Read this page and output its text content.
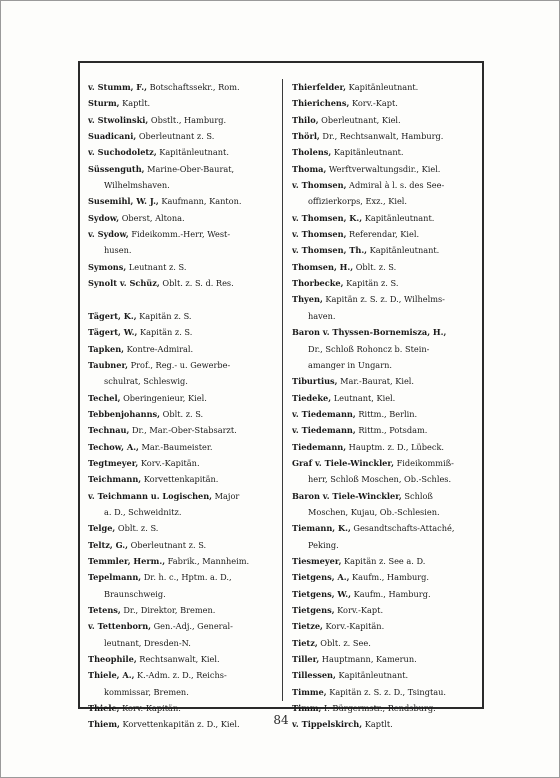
v. Stumm, F., Botschaftssekr., Rom.
Sturm, Kaptlt.
v. Stwolinski, Obstlt., Hamburg.
Suadicani, Oberleutnant z. S.
v. Suchodoletz, Kapitänleutnant.
Süssenguth, Marine-Ober-Baurat,
Wilhelmshaven.
Susemihl, W. J., Kaufmann, Kanton.
Sydow, Oberst, Altona.
v. Sydow, Fideikomm.-Herr, West-
husen.
Symons, Leutnant z. S.
Synolt v. Schüz, Oblt. z. S. d. Res.
Tägert, K., Kapitän z. S.
Tägert, W., Kapitän z. S.
Tapken, Kontre-Admiral.
Taubner, Prof., Reg.- u. Gewerbe-
schulrat, Schleswig.
Techel, Oberingenieur, Kiel.
Tebbenjohanns, Oblt. z. S.
Technau, Dr., Mar.-Ober-Stabsarzt.
Techow, A., Mar.-Baumeister.
Tegtmeyer, Korv.-Kapitän.
Teichmann, Korvettenkapitän.
v. Teichmann u. Logischen, Major
a. D., Schweidnitz.
Telge, Oblt. z. S.
Teltz, G., Oberleutnant z. S.
Temmler, Herm., Fabrik., Mannheim.
Tepelmann, Dr. h. c., Hptm. a. D.,
Braunschweig.
Tetens, Dr., Direktor, Bremen.
v. Tettenborn, Gen.-Adj., General-
leutnant, Dresden-N.
Theophile, Rechtsanwalt, Kiel.
Thiele, A., K.-Adm. z. D., Reichs-
kommissar, Bremen.
Thiele, Korv.-Kapitän.
Thiem, Korvettenkapitän z. D., Kiel.
Thierfelder, Kapitänleutnant.
Thierichens, Korv.-Kapt.
Thilo, Oberleutnant, Kiel.
Thörl, Dr., Rechtsanwalt, Hamburg.
Tholens, Kapitänleutnant.
Thoma, Werftverwaltungsdir., Kiel.
v. Thomsen, Admiral à l. s. des See-
offizierkorps, Exz., Kiel.
v. Thomsen, K., Kapitänleutnant.
v. Thomsen, Referendar, Kiel.
v. Thomsen, Th., Kapitänleutnant.
Thomsen, H., Oblt. z. S.
Thorbecke, Kapitän z. S.
Thyen, Kapitän z. S. z. D., Wilhelms-
haven.
Baron v. Thyssen-Bornemisza, H.,
Dr., Schloß Rohoncz b. Stein-
amanger in Ungarn.
Tiburtius, Mar.-Baurat, Kiel.
Tiedeke, Leutnant, Kiel.
v. Tiedemann, Rittm., Berlin.
v. Tiedemann, Rittm., Potsdam.
Tiedemann, Hauptm. z. D., Lübeck.
Graf v. Tiele-Winckler, Fideikommiß-
herr, Schloß Moschen, Ob.-Schles.
Baron v. Tiele-Winckler, Schloß
Moschen, Kujau, Ob.-Schlesien.
Tiemann, K., Gesandtschafts-Attaché,
Peking.
Tiesmeyer, Kapitän z. See a. D.
Tietgens, A., Kaufm., Hamburg.
Tietgens, W., Kaufm., Hamburg.
Tietgens, Korv.-Kapt.
Tietze, Korv.-Kapitän.
Tietz, Oblt. z. See.
Tiller, Hauptmann, Kamerun.
Tillessen, Kapitänleutnant.
Timme, Kapitän z. S. z. D., Tsingtau.
Timm, I. Bürgermstr., Rendsburg.
v. Tippelskirch, Kaptlt.
84
